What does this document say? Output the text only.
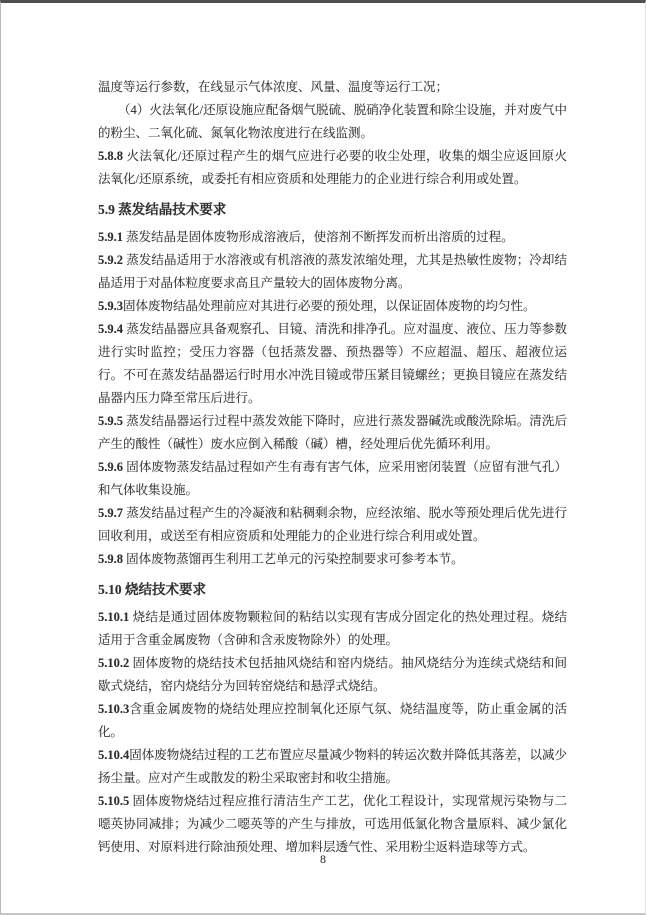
温度等运行参数，在线显示气体浓度、风量、温度等运行工况；

（4）火法氧化/还原设施应配备烟气脱硫、脱硝净化装置和除尘设施，并对废气中的粉尘、二氧化硫、氮氧化物浓度进行在线监测。

5.8.8 火法氧化/还原过程产生的烟气应进行必要的收尘处理，收集的烟尘应返回原火法氧化/还原系统，或委托有相应资质和处理能力的企业进行综合利用或处置。

5.9 蒸发结晶技术要求

5.9.1 蒸发结晶是固体废物形成溶液后，使溶剂不断挥发而析出溶质的过程。

5.9.2 蒸发结晶适用于水溶液或有机溶液的蒸发浓缩处理，尤其是热敏性废物；冷却结晶适用于对晶体粒度要求高且产量较大的固体废物分离。

5.9.3固体废物结晶处理前应对其进行必要的预处理，以保证固体废物的均匀性。

5.9.4 蒸发结晶器应具备观察孔、目镜、清洗和排净孔。应对温度、液位、压力等参数进行实时监控；受压力容器（包括蒸发器、预热器等）不应超温、超压、超液位运行。不可在蒸发结晶器运行时用水冲洗目镜或带压紧目镜螺丝；更换目镜应在蒸发结晶器内压力降至常压后进行。

5.9.5 蒸发结晶器运行过程中蒸发效能下降时，应进行蒸发器碱洗或酸洗除垢。清洗后产生的酸性（碱性）废水应倒入稀酸（碱）槽，经处理后优先循环利用。

5.9.6 固体废物蒸发结晶过程如产生有毒有害气体，应采用密闭装置（应留有泄气孔）和气体收集设施。

5.9.7 蒸发结晶过程产生的冷凝液和粘稠剩余物，应经浓缩、脱水等预处理后优先进行回收利用，或送至有相应资质和处理能力的企业进行综合利用或处置。

5.9.8 固体废物蒸馏再生利用工艺单元的污染控制要求可参考本节。

5.10 烧结技术要求

5.10.1 烧结是通过固体废物颗粒间的粘结以实现有害成分固定化的热处理过程。烧结适用于含重金属废物（含砷和含汞废物除外）的处理。

5.10.2 固体废物的烧结技术包括抽风烧结和窑内烧结。抽风烧结分为连续式烧结和间歇式烧结，窑内烧结分为回转窑烧结和悬浮式烧结。

5.10.3含重金属废物的烧结处理应控制氧化还原气氛、烧结温度等，防止重金属的活化。

5.10.4固体废物烧结过程的工艺布置应尽量减少物料的转运次数并降低其落差，以减少扬尘量。应对产生或散发的粉尘采取密封和收尘措施。

5.10.5 固体废物烧结过程应推行清洁生产工艺，优化工程设计，实现常规污染物与二噁英协同减排；为减少二噁英等的产生与排放，可选用低氯化物含量原料、减少氯化钙使用、对原料进行除油预处理、增加料层透气性、采用粉尘返料造球等方式。

8
